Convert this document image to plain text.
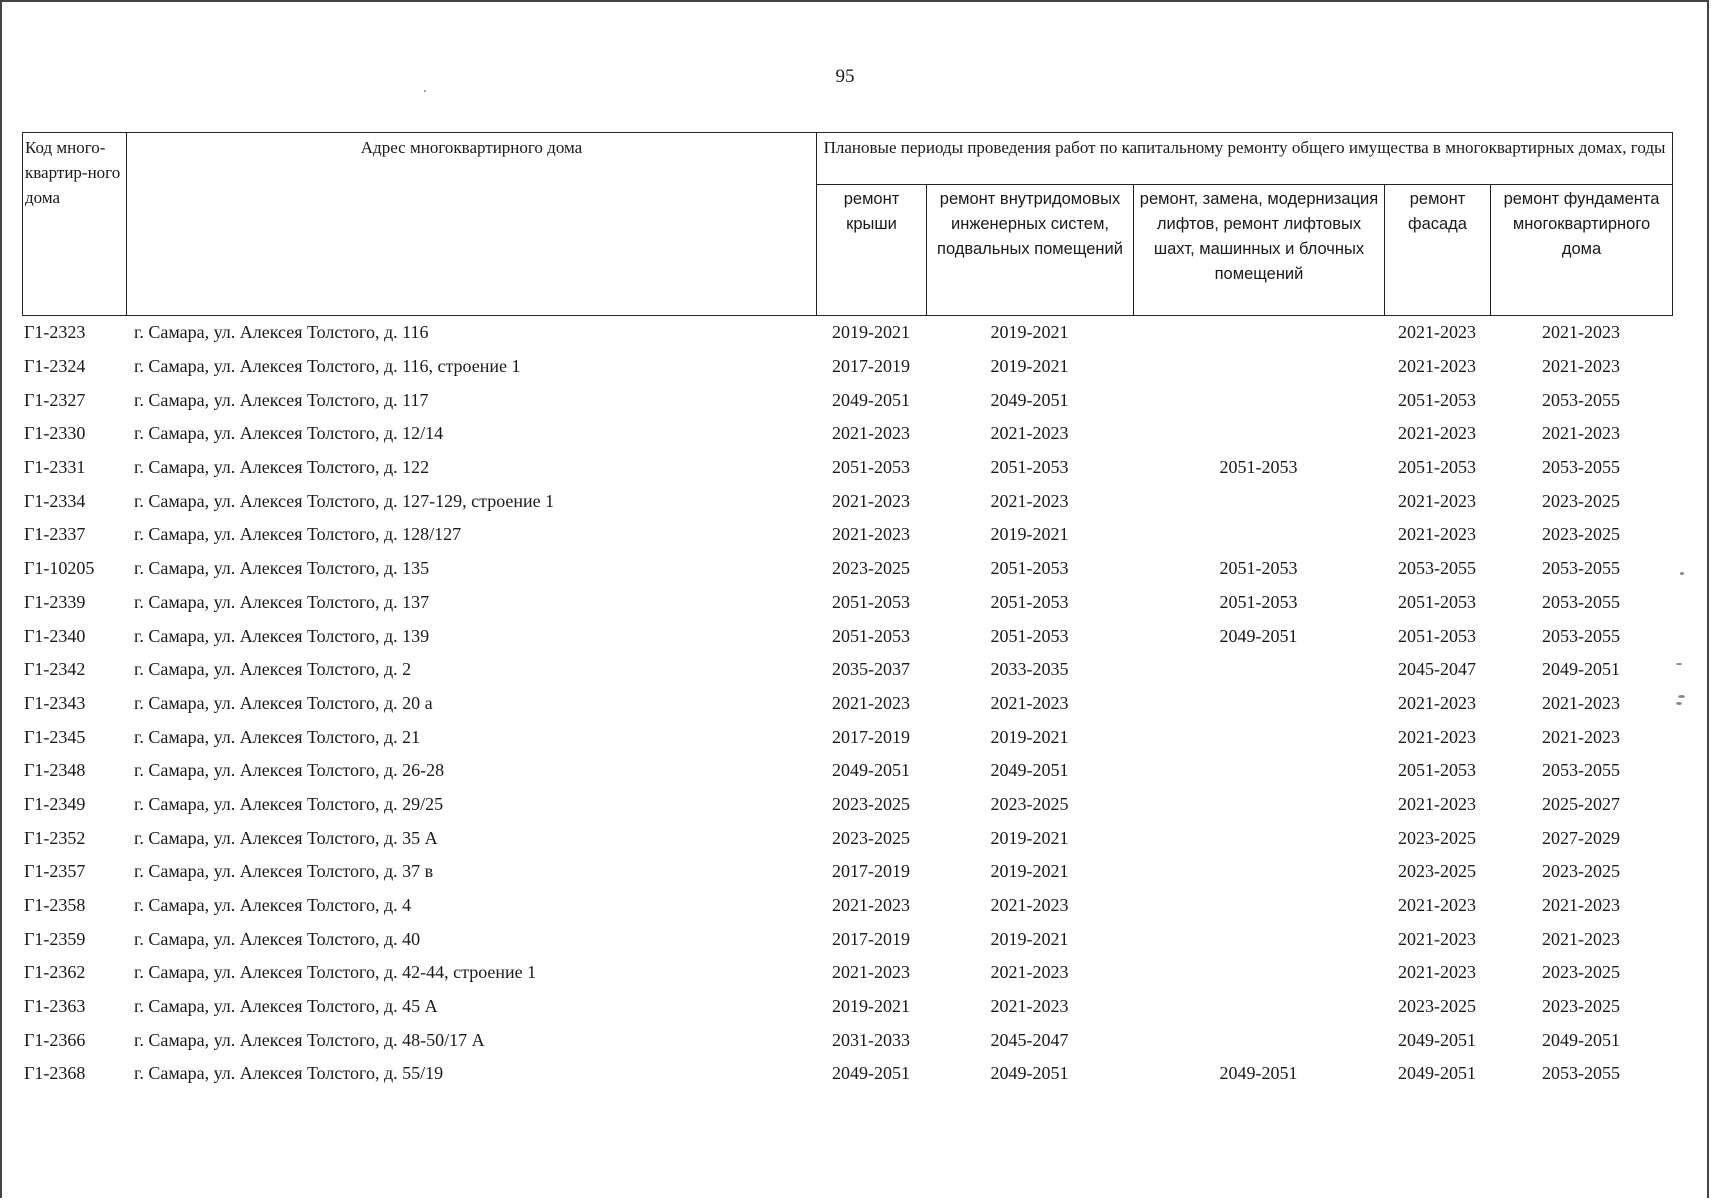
95
Код много-квартир-ного дома	Адрес многоквартирного дома	Плановые периоды проведения работ по капитальному ремонту общего имущества в многоквартирных домах, годы				
		ремонт крыши	ремонт внутридомовых инженерных систем, подвальных помещений	ремонт, замена, модернизация лифтов, ремонт лифтовых шахт, машинных и блочных помещений	ремонт фасада	ремонт фундамента многоквартирного дома
Г1-2323	г. Самара, ул. Алексея Толстого, д. 116	2019-2021	2019-2021		2021-2023	2021-2023
Г1-2324	г. Самара, ул. Алексея Толстого, д. 116, строение 1	2017-2019	2019-2021		2021-2023	2021-2023
Г1-2327	г. Самара, ул. Алексея Толстого, д. 117	2049-2051	2049-2051		2051-2053	2053-2055
Г1-2330	г. Самара, ул. Алексея Толстого, д. 12/14	2021-2023	2021-2023		2021-2023	2021-2023
Г1-2331	г. Самара, ул. Алексея Толстого, д. 122	2051-2053	2051-2053	2051-2053	2051-2053	2053-2055
Г1-2334	г. Самара, ул. Алексея Толстого, д. 127-129, строение 1	2021-2023	2021-2023		2021-2023	2023-2025
Г1-2337	г. Самара, ул. Алексея Толстого, д. 128/127	2021-2023	2019-2021		2021-2023	2023-2025
Г1-10205	г. Самара, ул. Алексея Толстого, д. 135	2023-2025	2051-2053	2051-2053	2053-2055	2053-2055
Г1-2339	г. Самара, ул. Алексея Толстого, д. 137	2051-2053	2051-2053	2051-2053	2051-2053	2053-2055
Г1-2340	г. Самара, ул. Алексея Толстого, д. 139	2051-2053	2051-2053	2049-2051	2051-2053	2053-2055
Г1-2342	г. Самара, ул. Алексея Толстого, д. 2	2035-2037	2033-2035		2045-2047	2049-2051
Г1-2343	г. Самара, ул. Алексея Толстого, д. 20 а	2021-2023	2021-2023		2021-2023	2021-2023
Г1-2345	г. Самара, ул. Алексея Толстого, д. 21	2017-2019	2019-2021		2021-2023	2021-2023
Г1-2348	г. Самара, ул. Алексея Толстого, д. 26-28	2049-2051	2049-2051		2051-2053	2053-2055
Г1-2349	г. Самара, ул. Алексея Толстого, д. 29/25	2023-2025	2023-2025		2021-2023	2025-2027
Г1-2352	г. Самара, ул. Алексея Толстого, д. 35 А	2023-2025	2019-2021		2023-2025	2027-2029
Г1-2357	г. Самара, ул. Алексея Толстого, д. 37 в	2017-2019	2019-2021		2023-2025	2023-2025
Г1-2358	г. Самара, ул. Алексея Толстого, д. 4	2021-2023	2021-2023		2021-2023	2021-2023
Г1-2359	г. Самара, ул. Алексея Толстого, д. 40	2017-2019	2019-2021		2021-2023	2021-2023
Г1-2362	г. Самара, ул. Алексея Толстого, д. 42-44, строение 1	2021-2023	2021-2023		2021-2023	2023-2025
Г1-2363	г. Самара, ул. Алексея Толстого, д. 45 А	2019-2021	2021-2023		2023-2025	2023-2025
Г1-2366	г. Самара, ул. Алексея Толстого, д. 48-50/17 А	2031-2033	2045-2047		2049-2051	2049-2051
Г1-2368	г. Самара, ул. Алексея Толстого, д. 55/19	2049-2051	2049-2051	2049-2051	2049-2051	2053-2055
